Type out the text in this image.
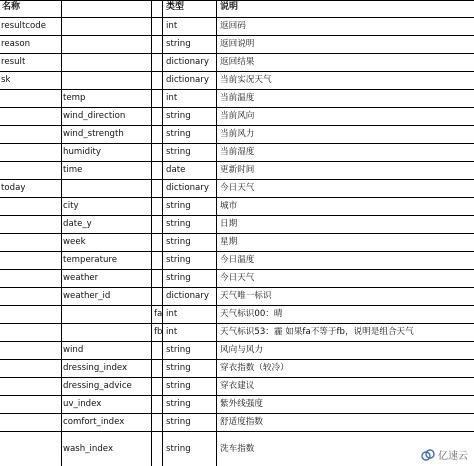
名称	类型	说明
resultcode	int	返回码
reason	string	返回说明
result	dictionary 返回结果
sk	dictionary 当前实况天气
temp	int	当前温度
wind_direction	string	当前风向
wind_strength	string	当前风力
humidity	string	当前湿度
time	date	更新时间
today	dictionary 今日天气
city	string	城市
date_y	string	日期
week	string	星期
temperature	string	今日温度
weather	string	今日天气
weather_id	dictionary 天气唯一标识
fa int	天气标识00：晴
fb int	天气标识53：霾 如果fa不等于fb，说明是组合天气
wind	string	风向与风力
dressing_index	string	穿衣指数（较冷）
dressing_advice	string	穿衣建议
uv_index	string	紫外线强度
comfort_index	string	舒适度指数
wash_index	string	洗车指数
亿速云
